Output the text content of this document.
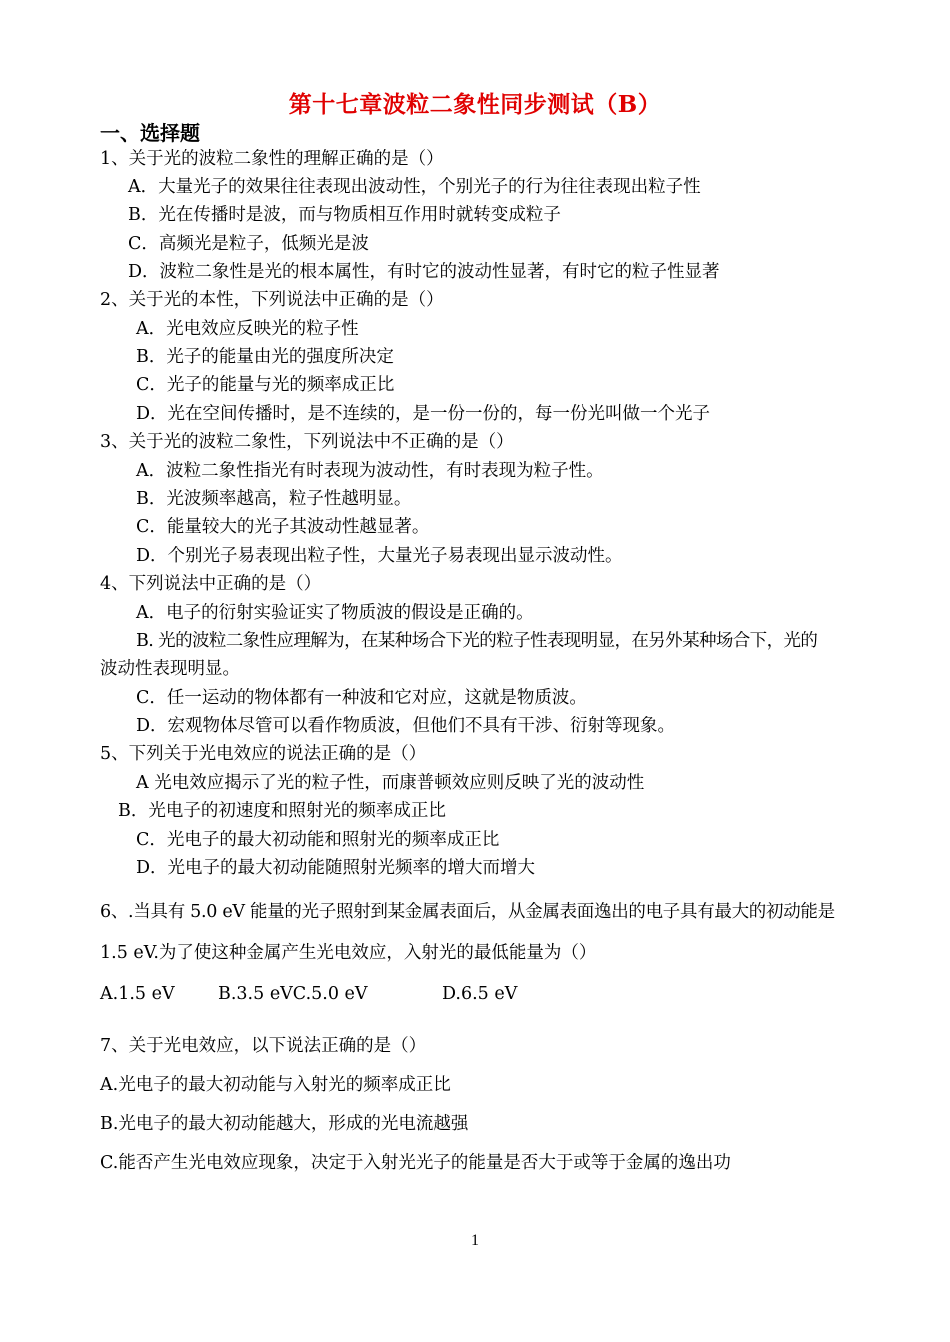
第十七章波粒二象性同步测试（B）
一、选择题
1、关于光的波粒二象性的理解正确的是（）
A．大量光子的效果往往表现出波动性，个别光子的行为往往表现出粒子性
B．光在传播时是波，而与物质相互作用时就转变成粒子
C．高频光是粒子，低频光是波
D．波粒二象性是光的根本属性，有时它的波动性显著，有时它的粒子性显著
2、关于光的本性，下列说法中正确的是（）
A．光电效应反映光的粒子性
B．光子的能量由光的强度所决定
C．光子的能量与光的频率成正比
D．光在空间传播时，是不连续的，是一份一份的，每一份光叫做一个光子
3、关于光的波粒二象性，下列说法中不正确的是（）
A．波粒二象性指光有时表现为波动性，有时表现为粒子性。
B．光波频率越高，粒子性越明显。
C．能量较大的光子其波动性越显著。
D．个别光子易表现出粒子性，大量光子易表现出显示波动性。
4、下列说法中正确的是（）
A．电子的衍射实验证实了物质波的假设是正确的。
B. 光的波粒二象性应理解为，在某种场合下光的粒子性表现明显，在另外某种场合下，光的
波动性表现明显。
C．任一运动的物体都有一种波和它对应，这就是物质波。
D．宏观物体尽管可以看作物质波，但他们不具有干涉、衍射等现象。
5、下列关于光电效应的说法正确的是（）
A 光电效应揭示了光的粒子性，而康普顿效应则反映了光的波动性
B．光电子的初速度和照射光的频率成正比
C．光电子的最大初动能和照射光的频率成正比
D．光电子的最大初动能随照射光频率的增大而增大
6、.当具有 5.0 eV 能量的光子照射到某金属表面后，从金属表面逸出的电子具有最大的初动能是
1.5 eV.为了使这种金属产生光电效应，入射光的最低能量为（）
A.1.5 eV B.3.5 eVC.5.0 eV	D.6.5 eV
7、关于光电效应，以下说法正确的是（）
A.光电子的最大初动能与入射光的频率成正比
B.光电子的最大初动能越大，形成的光电流越强
C.能否产生光电效应现象，决定于入射光光子的能量是否大于或等于金属的逸出功
1
